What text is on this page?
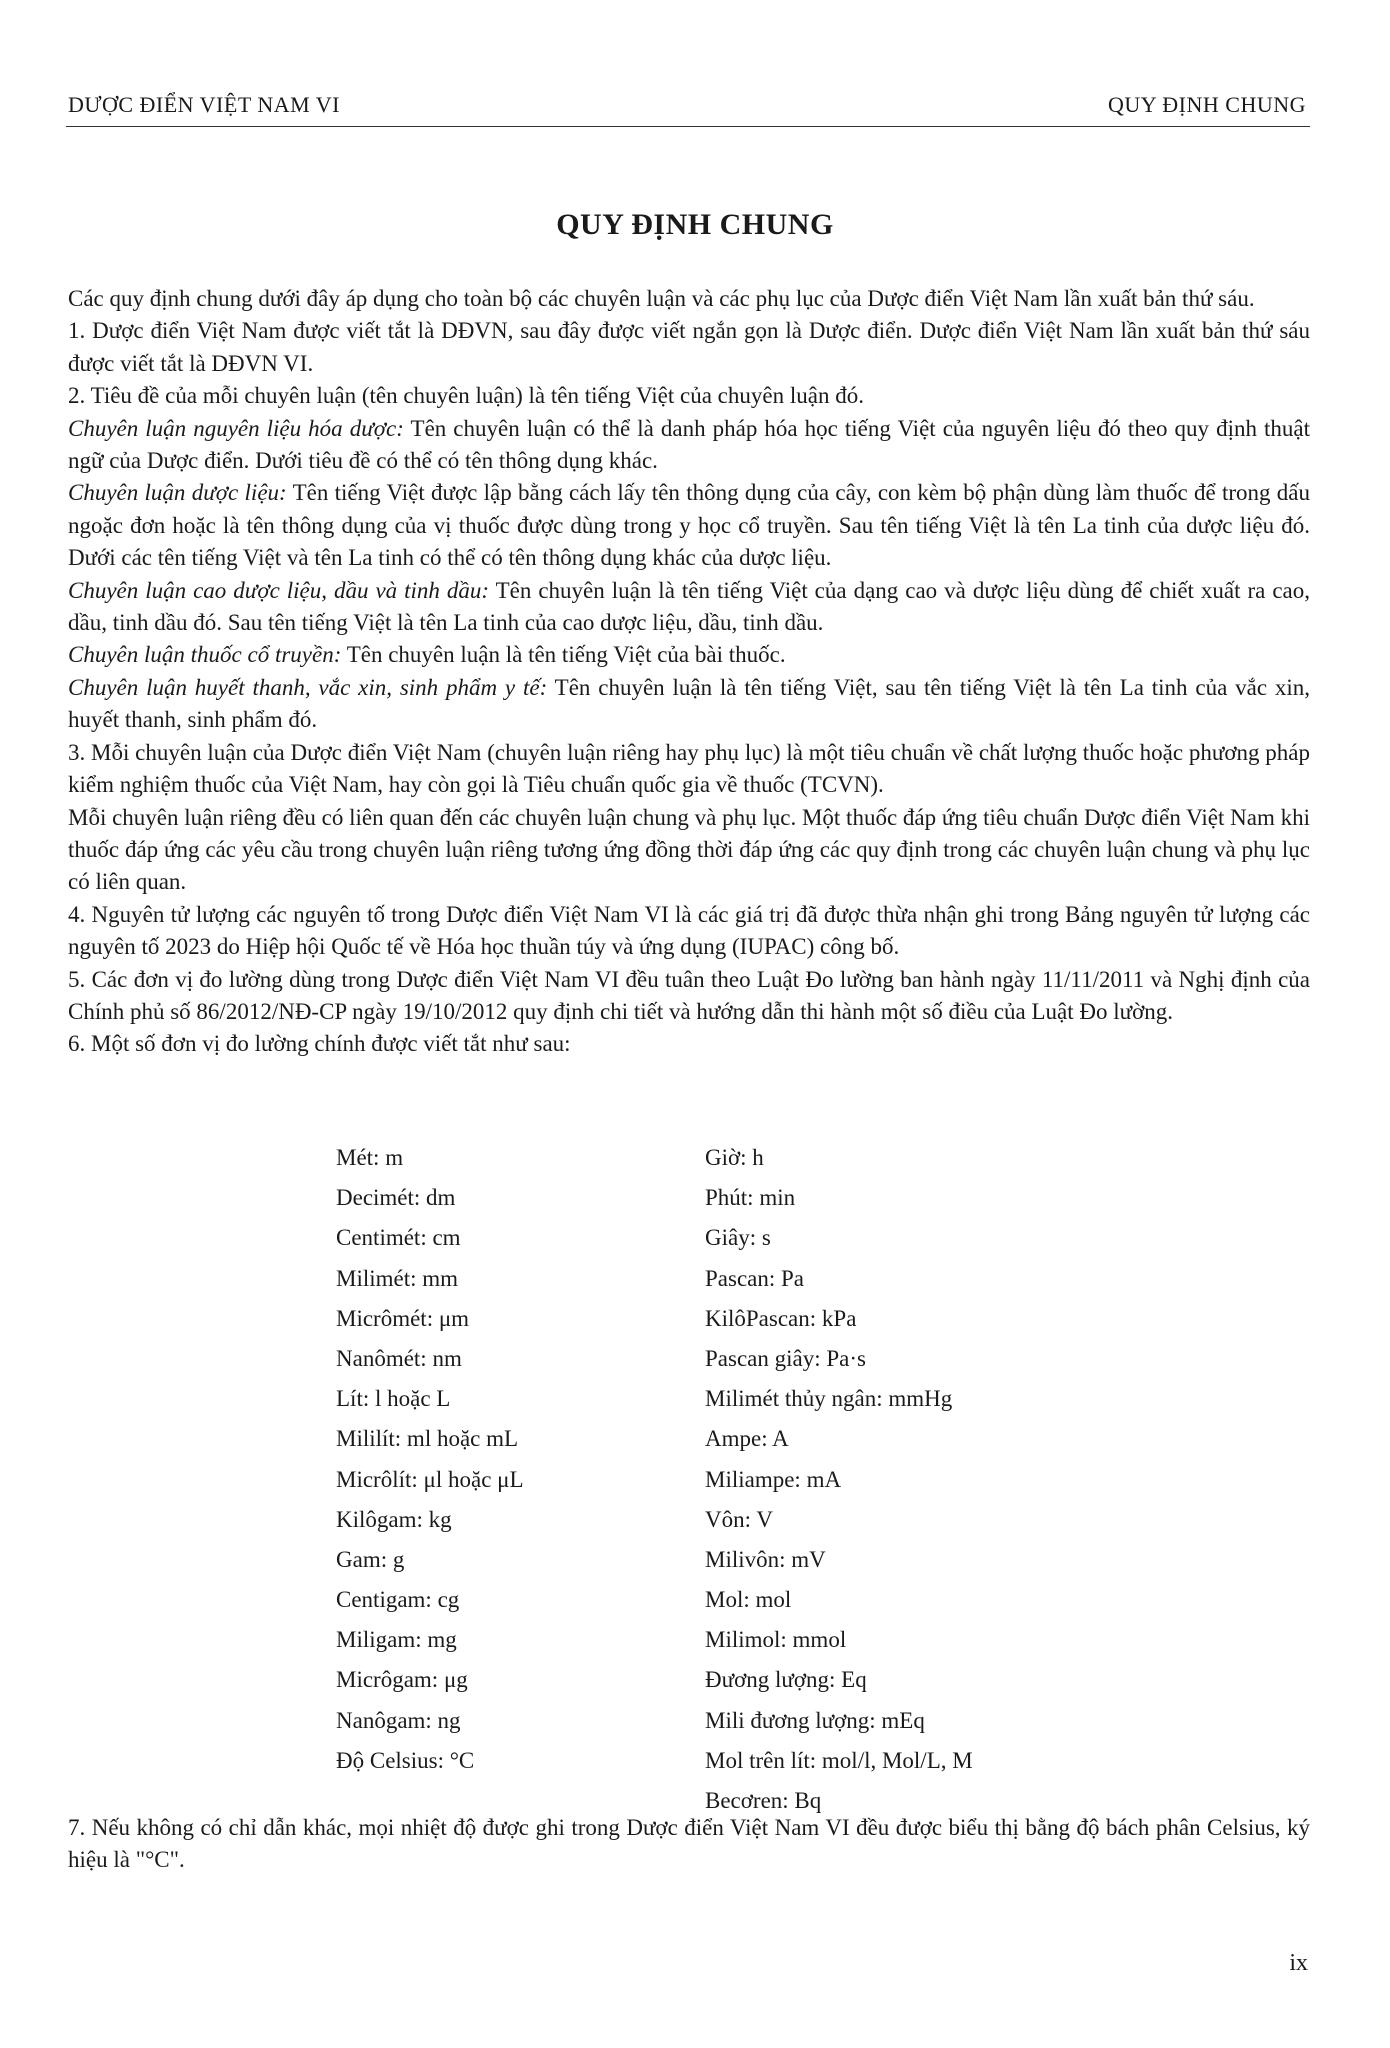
DƯỢC ĐIỂN VIỆT NAM VI	QUY ĐỊNH CHUNG
QUY ĐỊNH CHUNG

Các quy định chung dưới đây áp dụng cho toàn bộ các chuyên luận và các phụ lục của Dược điển Việt Nam lần xuất bản thứ sáu.

1. Dược điển Việt Nam được viết tắt là DĐVN, sau đây được viết ngắn gọn là Dược điển. Dược điển Việt Nam lần xuất bản thứ sáu được viết tắt là DĐVN VI.

2. Tiêu đề của mỗi chuyên luận (tên chuyên luận) là tên tiếng Việt của chuyên luận đó.

Chuyên luận nguyên liệu hóa dược: Tên chuyên luận có thể là danh pháp hóa học tiếng Việt của nguyên liệu đó theo quy định thuật ngữ của Dược điển. Dưới tiêu đề có thể có tên thông dụng khác.

Chuyên luận dược liệu: Tên tiếng Việt được lập bằng cách lấy tên thông dụng của cây, con kèm bộ phận dùng làm thuốc để trong dấu ngoặc đơn hoặc là tên thông dụng của vị thuốc được dùng trong y học cổ truyền. Sau tên tiếng Việt là tên La tinh của dược liệu đó. Dưới các tên tiếng Việt và tên La tinh có thể có tên thông dụng khác của dược liệu.

Chuyên luận cao dược liệu, dầu và tinh dầu: Tên chuyên luận là tên tiếng Việt của dạng cao và dược liệu dùng để chiết xuất ra cao, dầu, tinh dầu đó. Sau tên tiếng Việt là tên La tinh của cao dược liệu, dầu, tinh dầu.

Chuyên luận thuốc cổ truyền: Tên chuyên luận là tên tiếng Việt của bài thuốc.

Chuyên luận huyết thanh, vắc xin, sinh phẩm y tế: Tên chuyên luận là tên tiếng Việt, sau tên tiếng Việt là tên La tinh của vắc xin, huyết thanh, sinh phẩm đó.

3. Mỗi chuyên luận của Dược điển Việt Nam (chuyên luận riêng hay phụ lục) là một tiêu chuẩn về chất lượng thuốc hoặc phương pháp kiểm nghiệm thuốc của Việt Nam, hay còn gọi là Tiêu chuẩn quốc gia về thuốc (TCVN).

Mỗi chuyên luận riêng đều có liên quan đến các chuyên luận chung và phụ lục. Một thuốc đáp ứng tiêu chuẩn Dược điển Việt Nam khi thuốc đáp ứng các yêu cầu trong chuyên luận riêng tương ứng đồng thời đáp ứng các quy định trong các chuyên luận chung và phụ lục có liên quan.

4. Nguyên tử lượng các nguyên tố trong Dược điển Việt Nam VI là các giá trị đã được thừa nhận ghi trong Bảng nguyên tử lượng các nguyên tố 2023 do Hiệp hội Quốc tế về Hóa học thuần túy và ứng dụng (IUPAC) công bố.

5. Các đơn vị đo lường dùng trong Dược điển Việt Nam VI đều tuân theo Luật Đo lường ban hành ngày 11/11/2011 và Nghị định của Chính phủ số 86/2012/NĐ-CP ngày 19/10/2012 quy định chi tiết và hướng dẫn thi hành một số điều của Luật Đo lường.

6. Một số đơn vị đo lường chính được viết tắt như sau:

Mét: m
Decimét: dm
Centimét: cm
Milimét: mm
Micrômét: μm
Nanômét: nm
Lít: l hoặc L
Mililít: ml hoặc mL
Micrôlít: μl hoặc μL
Kilôgam: kg
Gam: g
Centigam: cg
Miligam: mg
Micrôgam: μg
Nanôgam: ng
Độ Celsius: °C
Giờ: h
Phút: min
Giây: s
Pascan: Pa
KilôPascan: kPa
Pascan giây: Pa·s
Milimét thủy ngân: mmHg
Ampe: A
Miliampe: mA
Vôn: V
Milivôn: mV
Mol: mol
Milimol: mmol
Đương lượng: Eq
Mili đương lượng: mEq
Mol trên lít: mol/l, Mol/L, M
Becơren: Bq

7. Nếu không có chỉ dẫn khác, mọi nhiệt độ được ghi trong Dược điển Việt Nam VI đều được biểu thị bằng độ bách phân Celsius, ký hiệu là "°C".

ix
